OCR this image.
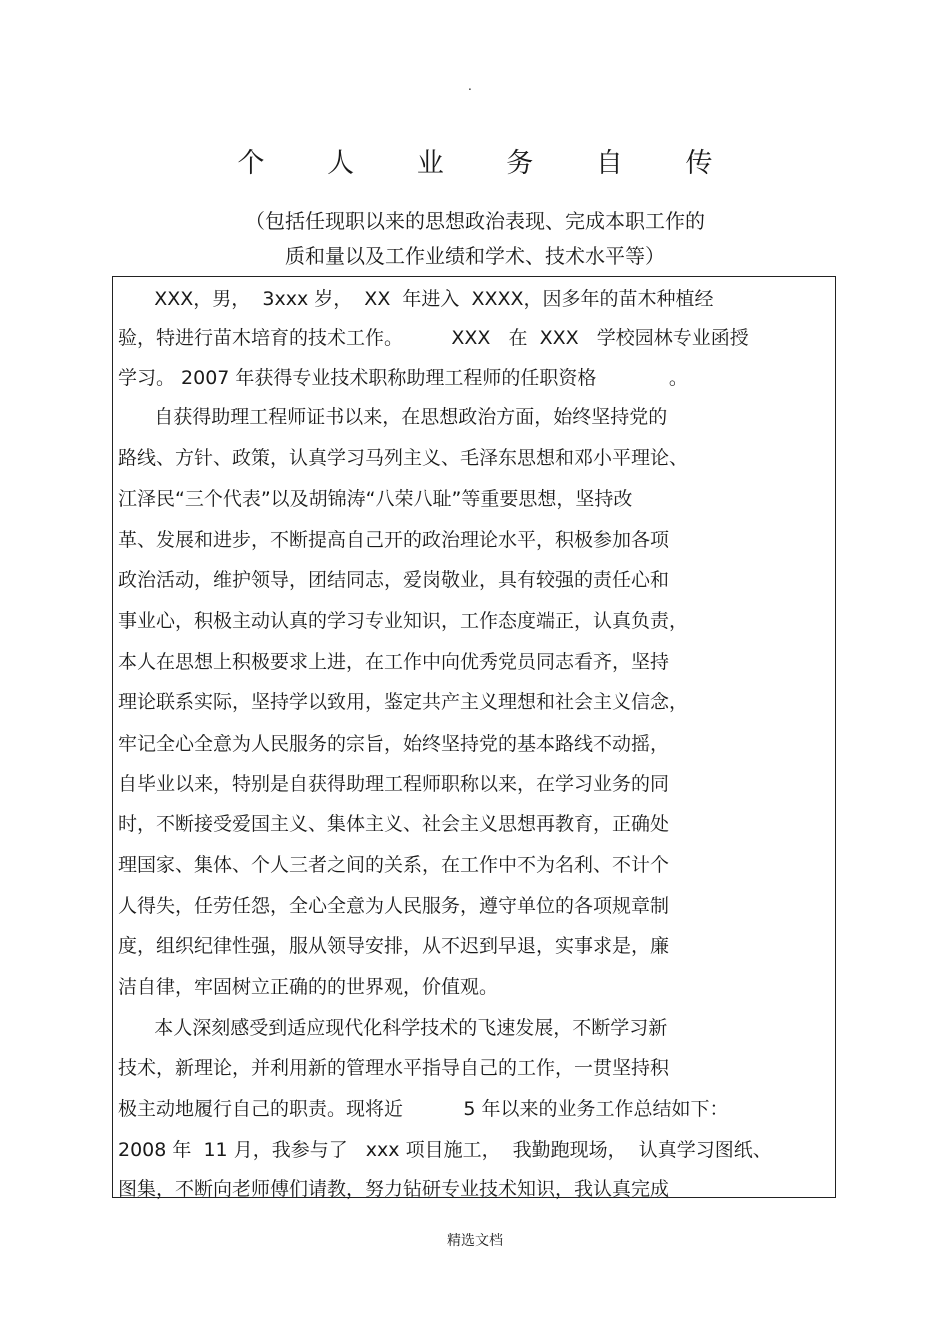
.
个 人 业 务 自 传
（包括任现职以来的思想政治表现、完成本职工作的
质和量以及工作业绩和学术、技术水平等）
XXX，男，  3xxx 岁，  XX  年进入  XXXX，因多年的苗木种植经
验，特进行苗木培育的技术工作。        XXX   在  XXX   学校园林专业函授
学习。 2007 年获得专业技术职称助理工程师的任职资格            。
自获得助理工程师证书以来，在思想政治方面，始终坚持党的
路线、方针、政策，认真学习马列主义、毛泽东思想和邓小平理论、
江泽民“三个代表”以及胡锦涛“八荣八耻”等重要思想，坚持改
革、发展和进步，不断提高自己开的政治理论水平，积极参加各项
政治活动，维护领导，团结同志，爱岗敬业，具有较强的责任心和
事业心，积极主动认真的学习专业知识，工作态度端正，认真负责，
本人在思想上积极要求上进，在工作中向优秀党员同志看齐，坚持
理论联系实际，坚持学以致用，鉴定共产主义理想和社会主义信念，
牢记全心全意为人民服务的宗旨，始终坚持党的基本路线不动摇，
自毕业以来，特别是自获得助理工程师职称以来，在学习业务的同
时，不断接受爱国主义、集体主义、社会主义思想再教育，正确处
理国家、集体、个人三者之间的关系，在工作中不为名利、不计个
人得失，任劳任怨，全心全意为人民服务，遵守单位的各项规章制
度，组织纪律性强，服从领导安排，从不迟到早退，实事求是，廉
洁自律，牢固树立正确的的世界观，价值观。
本人深刻感受到适应现代化科学技术的飞速发展，不断学习新
技术，新理论，并利用新的管理水平指导自己的工作，一贯坚持积
极主动地履行自己的职责。现将近          5 年以来的业务工作总结如下：
2008 年  11 月，我参与了   xxx 项目施工，  我勤跑现场，  认真学习图纸、
图集，不断向老师傅们请教，努力钻研专业技术知识，我认真完成
精选文档
